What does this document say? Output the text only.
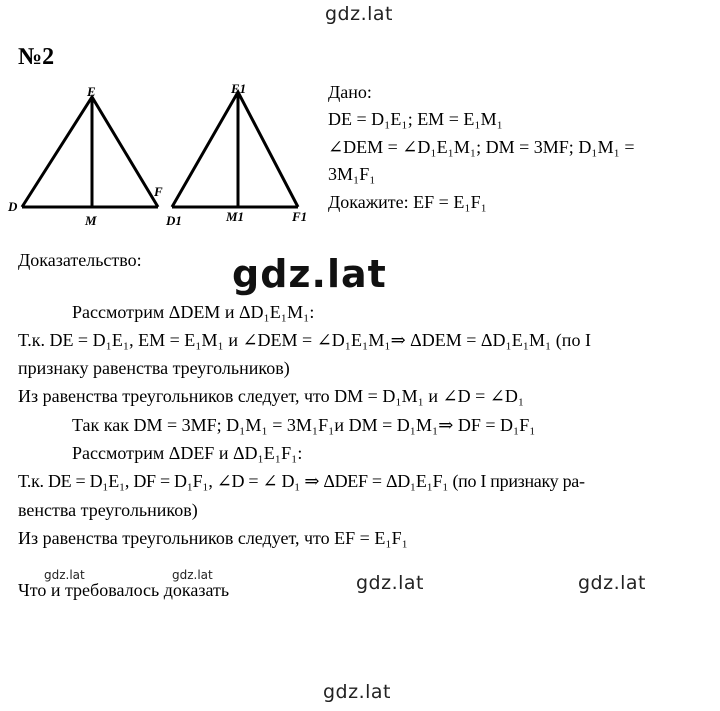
gdz.lat
gdz.lat
№2
E
D
M
F
E1
D1	M1	F1
Дано:
DE = D₁E₁; EM = E₁M₁
∠DEM = ∠D₁E₁M₁; DM = 3MF; D₁M₁ =
3M₁F₁
Докажите: EF = E₁F₁
Доказательство:
Рассмотрим ΔDEM и ΔD₁E₁M₁:
Т.к. DE = D₁E₁, EM = E₁M₁ и ∠DEM = ∠D₁E₁M₁⇒ ΔDEM = ΔD₁E₁M₁ (по I
признаку равенства треугольников)
Из равенства треугольников следует, что DM = D₁M₁ и ∠D = ∠D₁
Так как DM = 3MF; D₁M₁ = 3M₁F₁и DM = D₁M₁⇒ DF = D₁F₁
Рассмотрим ΔDEF и ΔD₁E₁F₁:
Т.к. DE = D₁E₁, DF = D₁F₁, ∠D = ∠ D₁ ⇒ ΔDEF = ΔD₁E₁F₁ (по I признаку ра-
венства треугольников)
Из равенства треугольников следует, что EF = E₁F₁
gdz.lat	gdz.lat
Что и требовалось доказать	gdz.lat	gdz.lat
gdz.lat
